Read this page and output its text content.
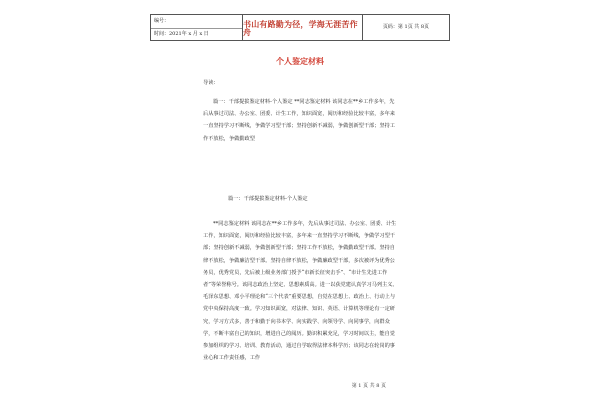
编号：
时间：2021年 x 月 x 日
书山有路勤为径，学海无涯苦作舟	页码：第 1页 共 8页
个人鉴定材料

导读：

篇一：干部提拔鉴定材料-个人鉴定 **同志鉴定材料 该同志在**乡工作多年，先后从事过司法、办公室、团委、计生工作，知识面宽，阅历和经验比较丰富，多年来一直坚持学习不断线，争做学习型干部；坚持创新不减弱，争做创新型干部；坚持工作不放松，争做勤政型

篇一：干部提拔鉴定材料-个人鉴定

**同志鉴定材料 该同志在**乡工作多年，先后从事过司法、办公室、团委、计生工作，知识面宽，阅历和经验比较丰富，多年来一直坚持学习不断线，争做学习型干部；坚持创新不减弱，争做创新型干部；坚持工作不放松，争做勤政型干部。坚持自律不放松，争做廉洁型干部。坚持自律不放松，争做廉政型干部，多次被评为优秀公务员，优秀党员，先后被上级业务部门授予“市新长征突击手”、“市计生先进工作者”等荣誉称号。该同志政治上坚定、思想素质高。进一以获党建认真学习马列主义、毛泽东思想、邓小平理论和“三个代表”重要思想，自觉在思想上、政治上、行动上与党中央保持高度一致。学习知识面宽，对法律、知识、英语、计算机等理论有一定研究，学习方式多，善于和勤于向书本学、向实践学、向领导学、向同事学，向群众学，不断丰富自己的知识，增进自己的阅历。勤识积累充足，学习时间以主，能自觉参加组织的学习、培训、教育活动，通过自学取得法律本科学历；该同志在轮岗的事业心和工作责任感，工作

第 1 页 共 8 页
